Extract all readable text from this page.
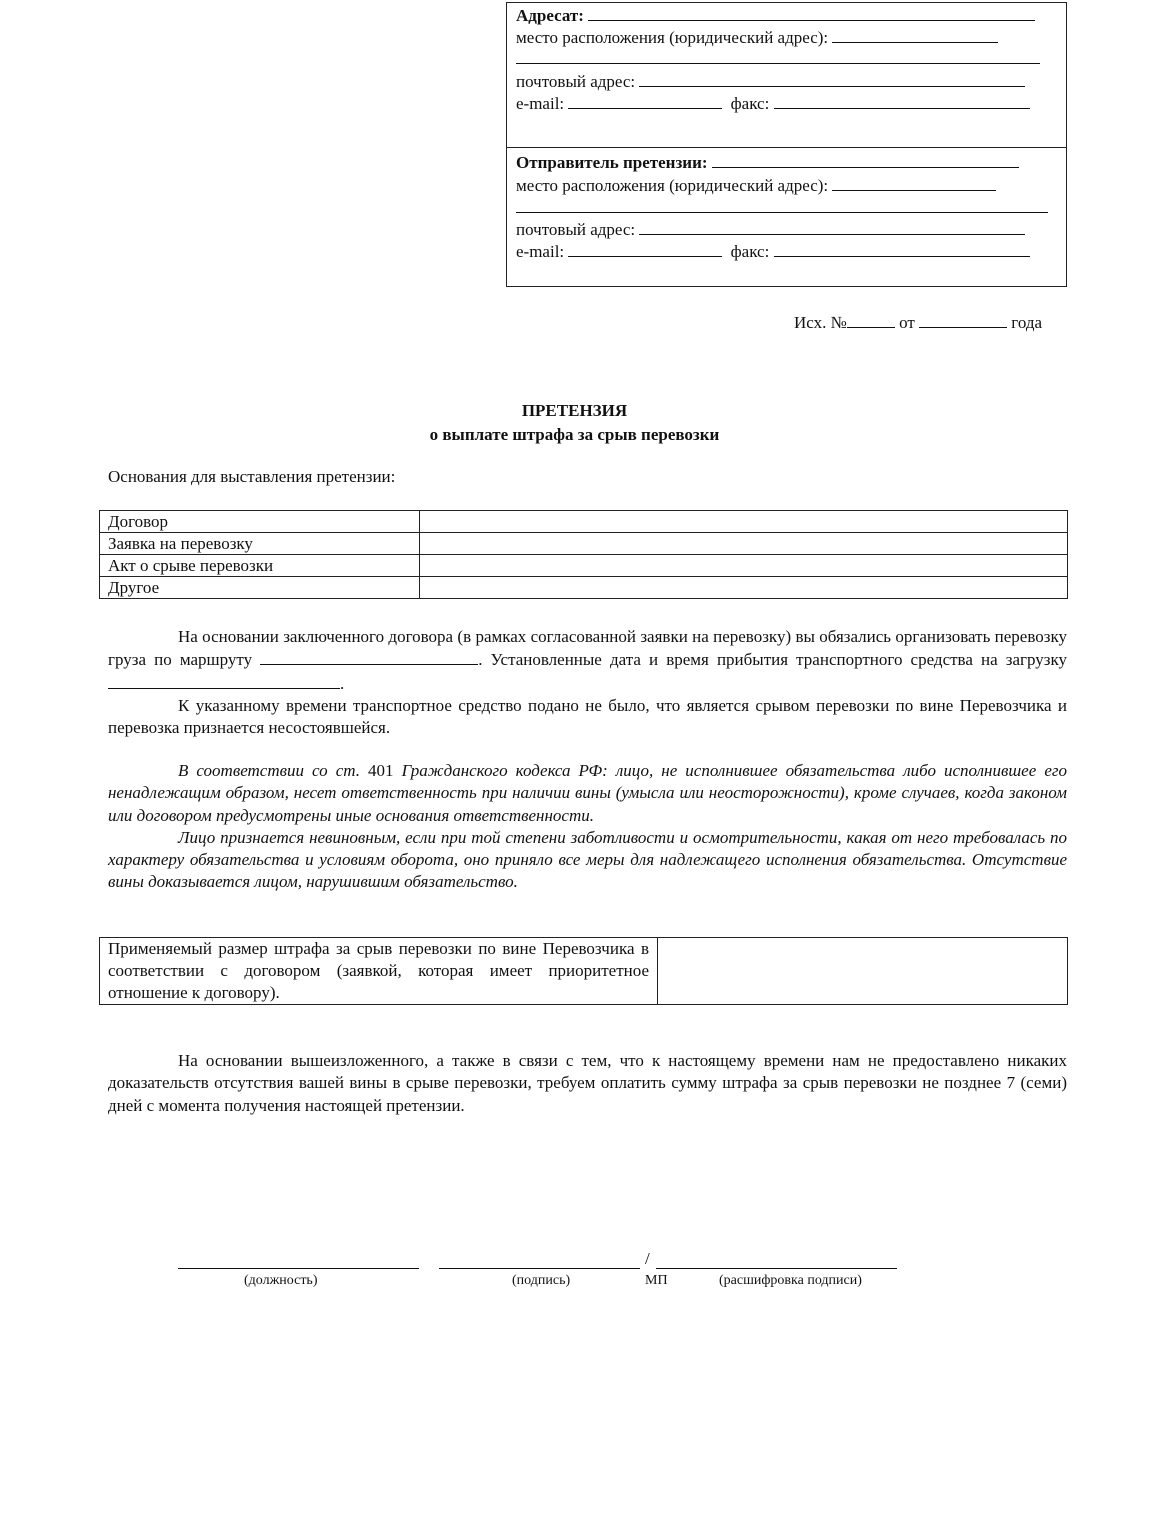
Адресат:
место расположения (юридический адрес):
почтовый адрес:
e-mail:	факс:
Отправитель претензии:
место расположения (юридический адрес):
почтовый адрес:
e-mail:	факс:
Исх. №	от	года
ПРЕТЕНЗИЯ
о выплате штрафа за срыв перевозки
Основания для выставления претензии:
Договор	
Заявка на перевозку	
Акт о срыве перевозки	
Другое	

На основании заключенного договора (в рамках согласованной заявки на перевозку) вы обязались организовать перевозку груза по маршруту	. Установленные дата и время прибытия транспортного средства на загрузку .

К указанному времени транспортное средство подано не было, что является срывом перевозки по вине Перевозчика и перевозка признается несостоявшейся.

В соответствии со ст. 401 Гражданского кодекса РФ: лицо, не исполнившее обязательства либо исполнившее его ненадлежащим образом, несет ответственность при наличии вины (умысла или неосторожности), кроме случаев, когда законом или договором предусмотрены иные основания ответственности.

Лицо признается невиновным, если при той степени заботливости и осмотрительности, какая от него требовалась по характеру обязательства и условиям оборота, оно приняло все меры для надлежащего исполнения обязательства. Отсутствие вины доказывается лицом, нарушившим обязательство.

Применяемый размер штрафа за срыв перевозки по вине Перевозчика в соответствии с договором (заявкой, которая имеет приоритетное отношение к договору).	

На основании вышеизложенного, а также в связи с тем, что к настоящему времени нам не предоставлено никаких доказательств отсутствия вашей вины в срыве перевозки, требуем оплатить сумму штрафа за срыв перевозки не позднее 7 (семи) дней с момента получения настоящей претензии.

/
(должность)	(подпись)	МП	(расшифровка подписи)
